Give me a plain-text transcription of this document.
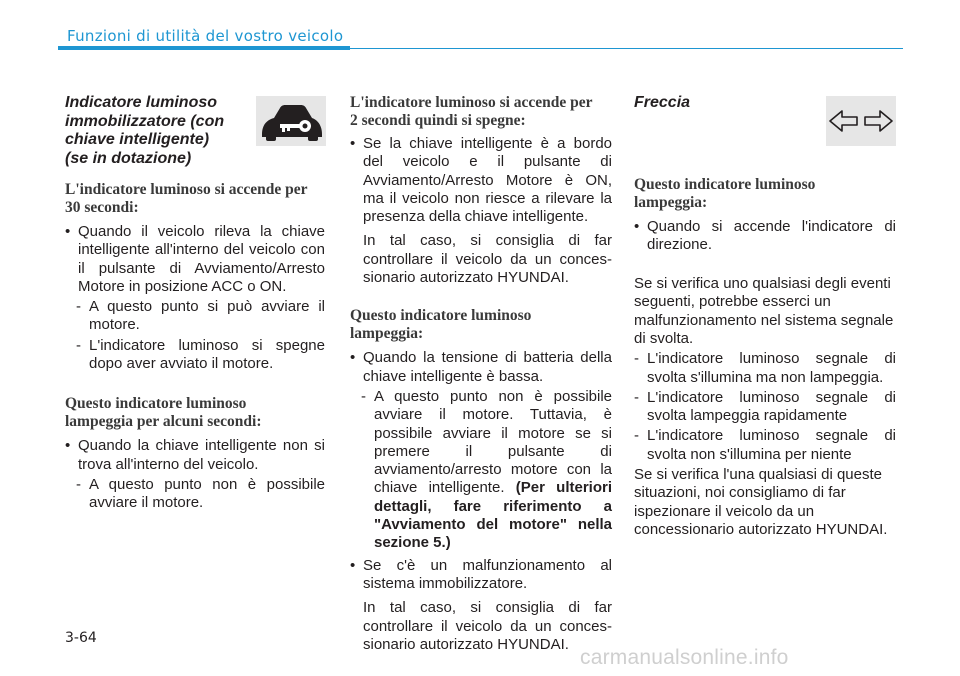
Funzioni di utilità del vostro veicolo
Indicatore luminoso
immobilizzatore (con
chiave intelligente)
(se in dotazione)
L'indicatore luminoso si accende per 30 secondi:
• Quando il veicolo rileva la chiave intelligente all'interno del veicolo con il pulsante di Avviamento/Arresto Motore in posizione ACC o ON.
- A questo punto si può avviare il motore.
- L'indicatore luminoso si spegne dopo aver avviato il motore.
Questo indicatore luminoso lampeggia per alcuni secondi:
• Quando la chiave intelligente non si trova all'interno del veicolo.
- A questo punto non è possibile avviare il motore.
L'indicatore luminoso si accende per 2 secondi quindi si spegne:
• Se la chiave intelligente è a bordo del veicolo e il pulsante di Avviamento/Arresto Motore è ON, ma il veicolo non riesce a rilevare la presenza della chiave intelligente.
In tal caso, si consiglia di far controllare il veicolo da un conces-sionario autorizzato HYUNDAI.
Questo indicatore luminoso lampeggia:
• Quando la tensione di batteria della chiave intelligente è bassa.
- A questo punto non è possibile avviare il motore. Tuttavia, è possibile avviare il motore se si premere il pulsante di avviamento/arresto motore con la chiave intelligente. (Per ulteriori dettagli, fare riferimento a "Avviamento del motore" nella sezione 5.)
• Se c'è un malfunzionamento al sistema immobilizzatore.
In tal caso, si consiglia di far controllare il veicolo da un conces-sionario autorizzato HYUNDAI.
Freccia
Questo indicatore luminoso lampeggia:
• Quando si accende l'indicatore di direzione.
Se si verifica uno qualsiasi degli eventi seguenti, potrebbe esserci un malfunzionamento nel sistema segnale di svolta.
- L'indicatore luminoso segnale di svolta s'illumina ma non lampeggia.
- L'indicatore luminoso segnale di svolta lampeggia rapidamente
- L'indicatore luminoso segnale di svolta non s'illumina per niente
Se si verifica l'una qualsiasi di queste situazioni, noi consigliamo di far ispezionare il veicolo da un concessionario autorizzato HYUNDAI.
3-64
carmanualsonline.info
